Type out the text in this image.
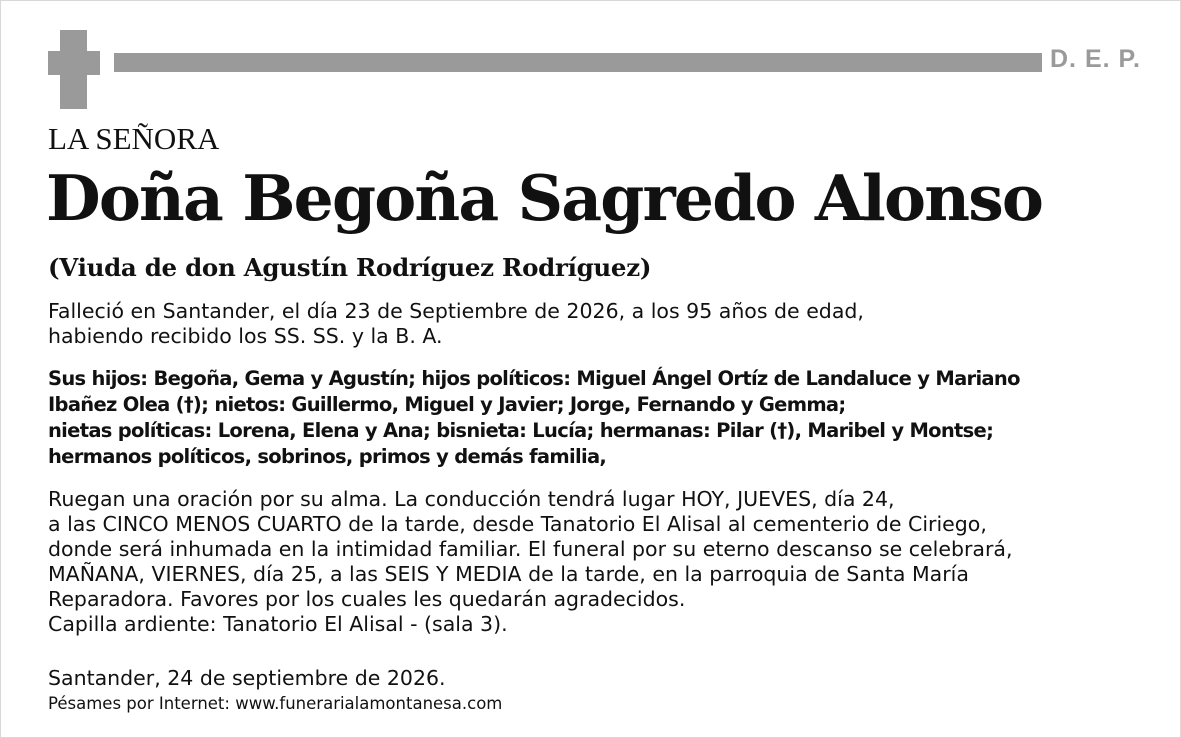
D. E. P.
LA SEÑORA
Doña Begoña Sagredo Alonso
(Viuda de don Agustín Rodríguez Rodríguez)

Falleció en Santander, el día 23 de Septiembre de 2026, a los 95 años de edad,

habiendo recibido los SS. SS. y la B. A.

Sus hijos: Begoña, Gema y Agustín; hijos políticos: Miguel Ángel Ortíz de Landaluce y Mariano

Ibañez Olea (†); nietos: Guillermo, Miguel y Javier; Jorge, Fernando y Gemma;

nietas políticas: Lorena, Elena y Ana; bisnieta: Lucía; hermanas: Pilar (†), Maribel y Montse;

hermanos políticos, sobrinos, primos y demás familia,

Ruegan una oración por su alma. La conducción tendrá lugar HOY, JUEVES, día 24,

a las CINCO MENOS CUARTO de la tarde, desde Tanatorio El Alisal al cementerio de Ciriego,

donde será inhumada en la intimidad familiar. El funeral por su eterno descanso se celebrará,

MAÑANA, VIERNES, día 25, a las SEIS Y MEDIA de la tarde, en la parroquia de Santa María

Reparadora. Favores por los cuales les quedarán agradecidos.

Capilla ardiente: Tanatorio El Alisal - (sala 3).

Santander, 24 de septiembre de 2026.
Pésames por Internet: www.funerarialamontanesa.com
